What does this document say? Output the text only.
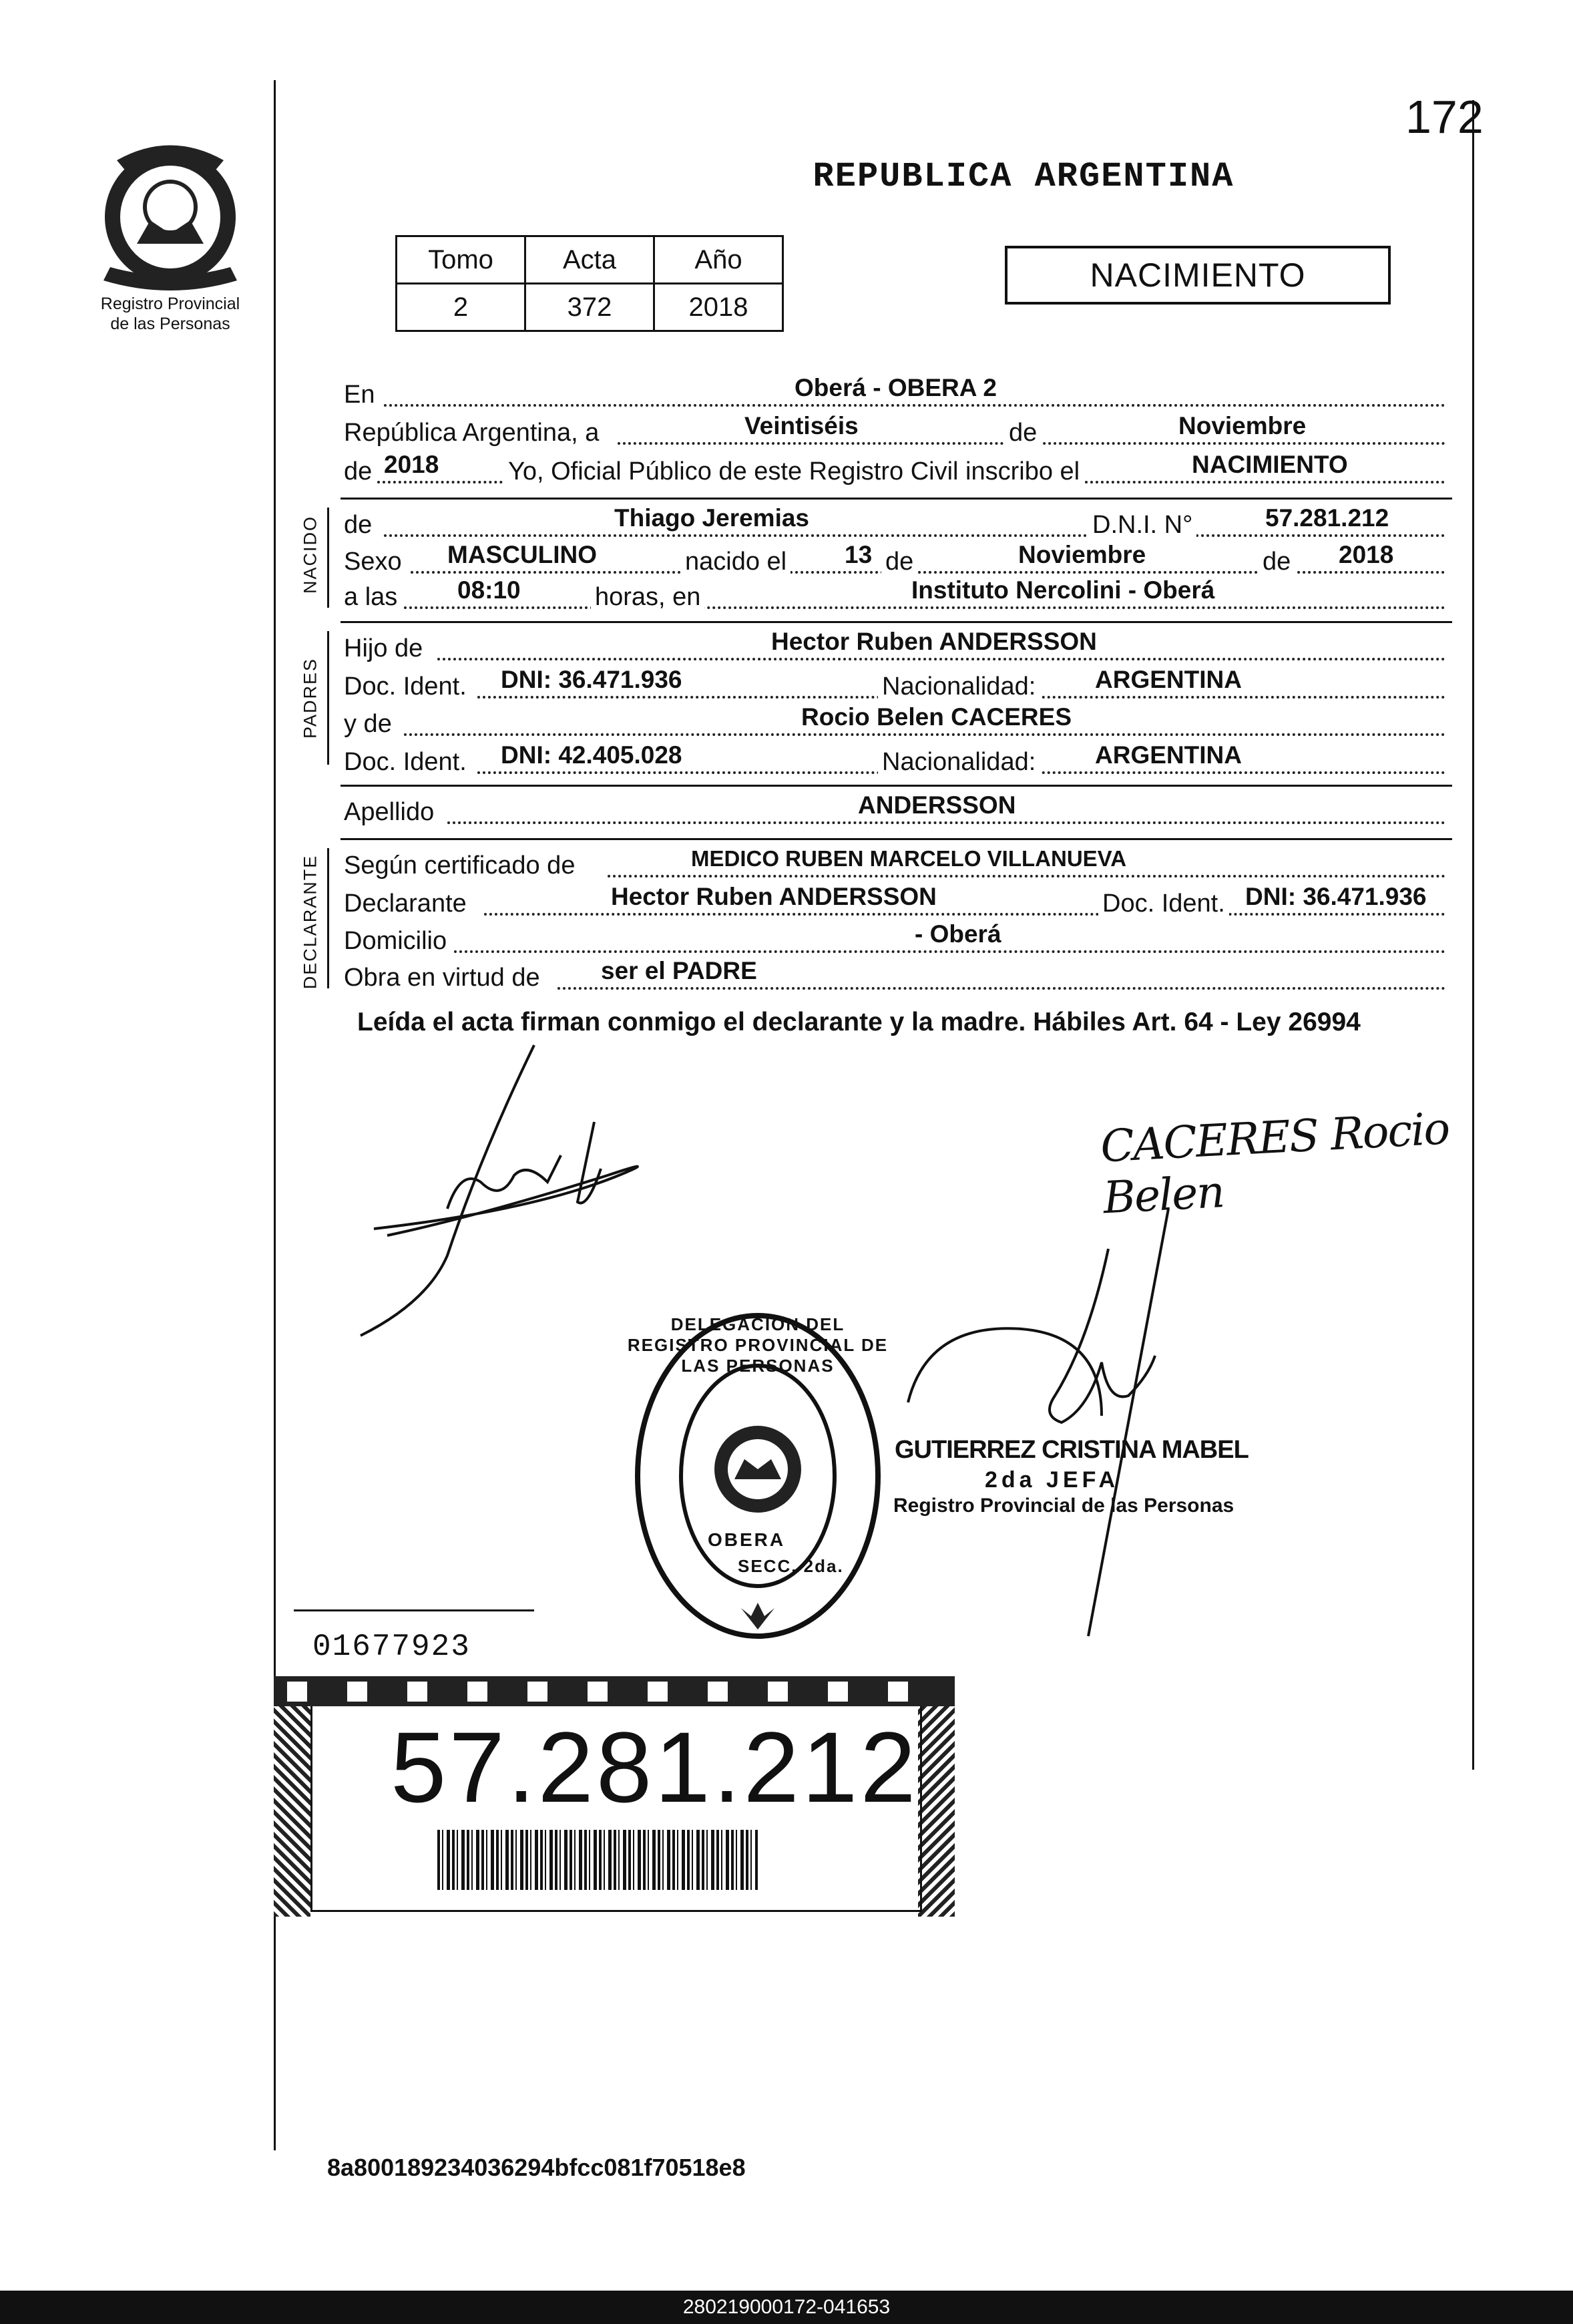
172
Registro Provincial
de las Personas
REPUBLICA ARGENTINA
Tomo	Acta	Año
2	372	2018
NACIMIENTO
En	Oberá - OBERA 2
República Argentina, a	Veintiséis	de	Noviembre
de 2018	Yo, Oficial Público de este Registro Civil inscribo el	NACIMIENTO
NACIDO de	Thiago Jeremias	D.N.I. N°	57.281.212
Sexo MASCULINO	nacido el 13 de	Noviembre	de 2018
a las 08:10	horas, en	Instituto Nercolini - Oberá
PADRES
Hijo de	Hector Ruben ANDERSSON
Doc. Ident. DNI: 36.471.936	Nacionalidad: ARGENTINA
y de	Rocio Belen CACERES
Doc. Ident. DNI: 42.405.028	Nacionalidad: ARGENTINA
Apellido	ANDERSSON
DECLARANTE Según certificado de	MEDICO RUBEN MARCELO VILLANUEVA
Declarante	Hector Ruben ANDERSSON	Doc. Ident. DNI: 36.471.936
Domicilio	- Oberá
Obra en virtud de ser el PADRE
Leída el acta firman conmigo el declarante y la madre. Hábiles Art. 64 - Ley 26994
CACERES Rocio Belen
DELEGACION DEL REGISTRO PROVINCIAL DE LAS PERSONAS
OBERA
SECC. 2da.
GUTIERREZ CRISTINA MABEL
2da JEFA
Registro Provincial de las Personas
01677923
57.281.212
8a800189234036294bfcc081f70518e8
280219000172-041653
